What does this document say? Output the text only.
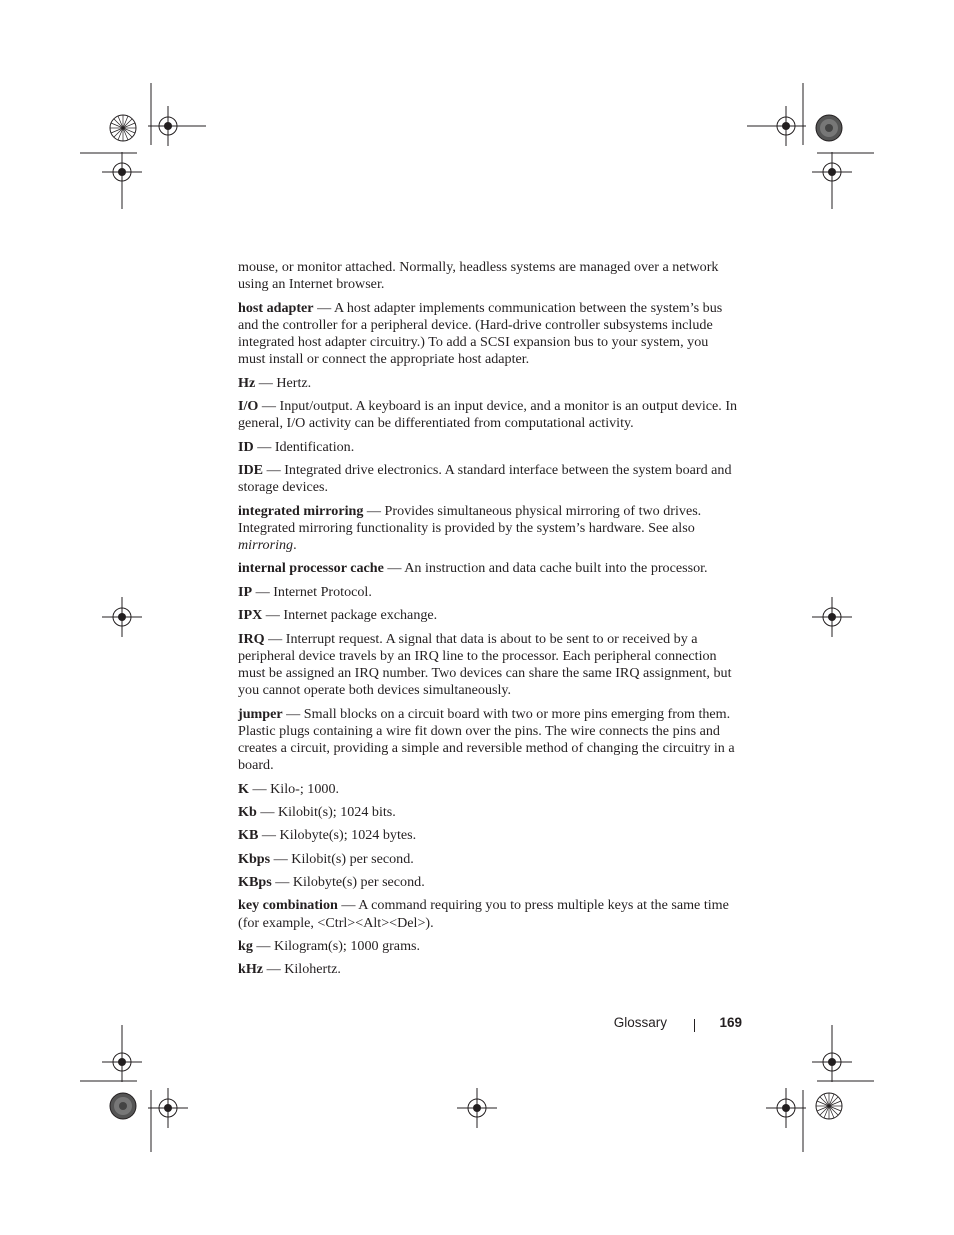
mouse, or monitor attached. Normally, headless systems are managed over a network using an Internet browser.

host adapter — A host adapter implements communication between the system’s bus and the controller for a peripheral device. (Hard-drive controller subsystems include integrated host adapter circuitry.) To add a SCSI expansion bus to your system, you must install or connect the appropriate host adapter.

Hz — Hertz.

I/O — Input/output. A keyboard is an input device, and a monitor is an output device. In general, I/O activity can be differentiated from computational activity.

ID — Identification.

IDE — Integrated drive electronics. A standard interface between the system board and storage devices.

integrated mirroring — Provides simultaneous physical mirroring of two drives. Integrated mirroring functionality is provided by the system’s hardware. See also mirroring.

internal processor cache — An instruction and data cache built into the processor.

IP — Internet Protocol.

IPX — Internet package exchange.

IRQ — Interrupt request. A signal that data is about to be sent to or received by a peripheral device travels by an IRQ line to the processor. Each peripheral connection must be assigned an IRQ number. Two devices can share the same IRQ assignment, but you cannot operate both devices simultaneously.

jumper — Small blocks on a circuit board with two or more pins emerging from them. Plastic plugs containing a wire fit down over the pins. The wire connects the pins and creates a circuit, providing a simple and reversible method of changing the circuitry in a board.

K — Kilo-; 1000.

Kb — Kilobit(s); 1024 bits.

KB — Kilobyte(s); 1024 bytes.

Kbps — Kilobit(s) per second.

KBps — Kilobyte(s) per second.

key combination — A command requiring you to press multiple keys at the same time (for example, <Ctrl><Alt><Del>).

kg — Kilogram(s); 1000 grams.

kHz — Kilohertz.

Glossary	169
